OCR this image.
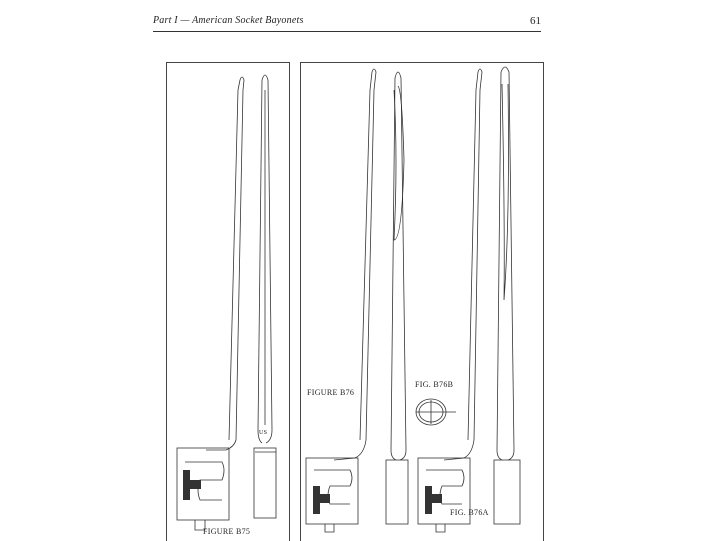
Part I — American Socket Bayonets	61
US
FIGURE B75
FIGURE B76
FIG. B76B
FIG. B76A
